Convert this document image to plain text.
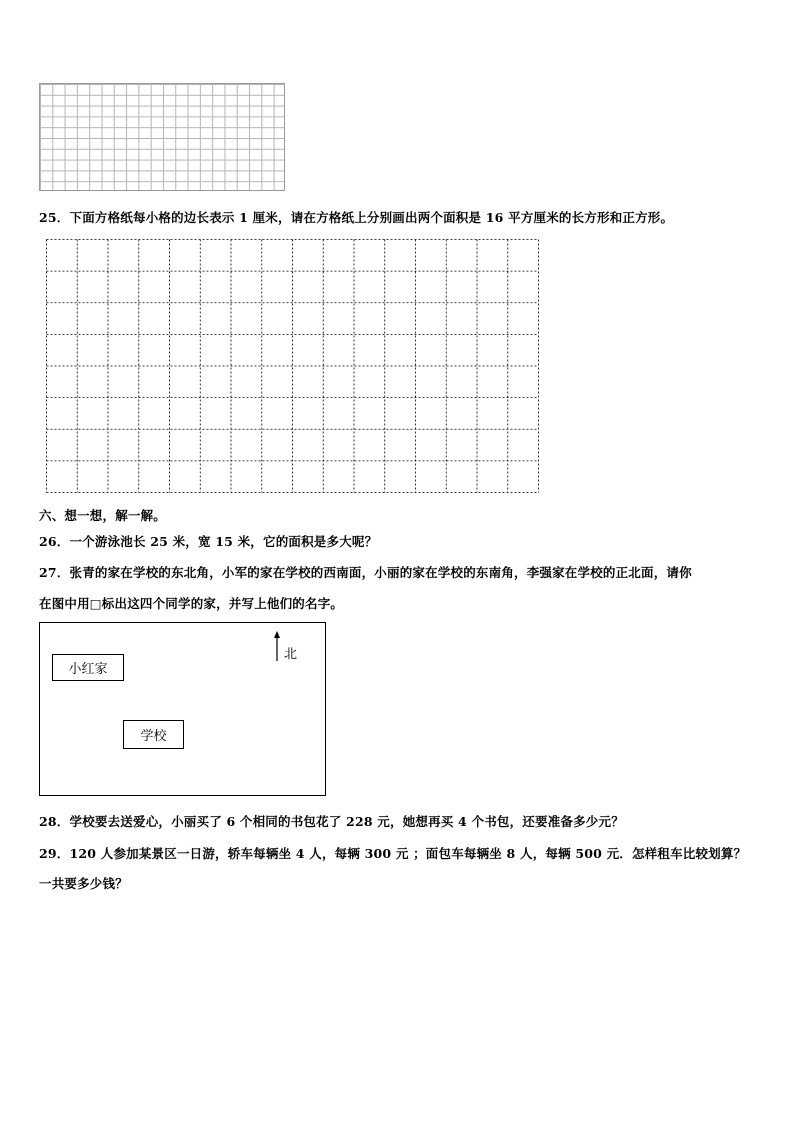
25．下面方格纸每小格的边长表示 1 厘米，请在方格纸上分别画出两个面积是 16 平方厘米的长方形和正方形。
六、想一想，解一解。
26．一个游泳池长 25 米，宽 15 米，它的面积是多大呢？
27．张青的家在学校的东北角，小军的家在学校的西南面，小丽的家在学校的东南角，李强家在学校的正北面，请你
在图中用□标出这四个同学的家，并写上他们的名字。
小红家
学校
北
28．学校要去送爱心，小丽买了 6 个相同的书包花了 228 元，她想再买 4 个书包，还要准备多少元？
29．120 人参加某景区一日游，轿车每辆坐 4 人，每辆 300 元 ；面包车每辆坐 8 人，每辆 500 元．怎样租车比较划算？
一共要多少钱？
